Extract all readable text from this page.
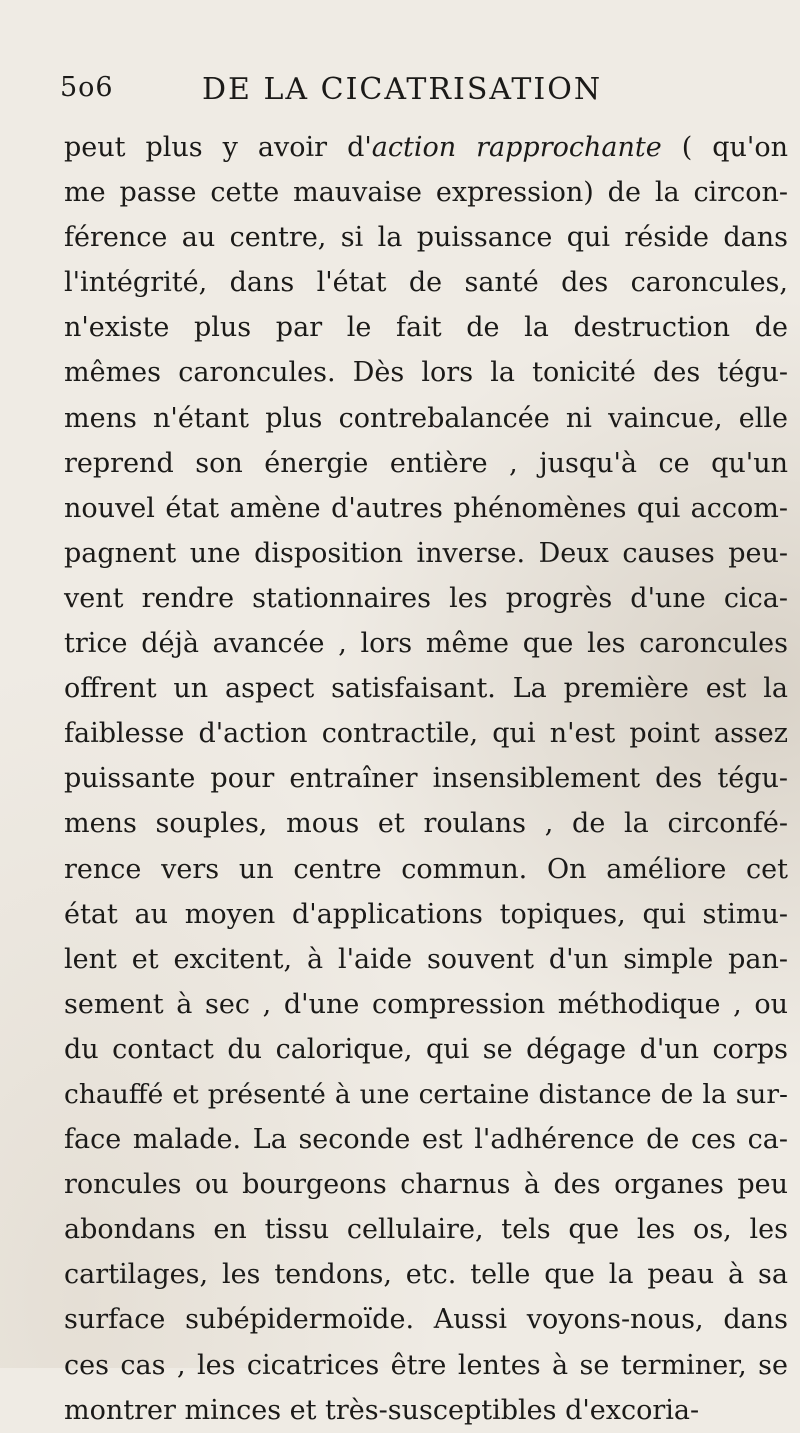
5o6	DE LA CICATRISATION
peut plus y avoir d'action rapprochante ( qu'on
me passe cette mauvaise expression) de la circon-
férence au centre, si la puissance qui réside dans
l'intégrité, dans l'état de santé des caroncules,
n'existe plus par le fait de la destruction de
mêmes caroncules. Dès lors la tonicité des tégu-
mens n'étant plus contrebalancée ni vaincue, elle
reprend son énergie entière , jusqu'à ce qu'un
nouvel état amène d'autres phénomènes qui accom-
pagnent une disposition inverse. Deux causes peu-
vent rendre stationnaires les progrès d'une cica-
trice déjà avancée , lors même que les caroncules
offrent un aspect satisfaisant. La première est la
faiblesse d'action contractile, qui n'est point assez
puissante pour entraîner insensiblement des tégu-
mens souples, mous et roulans , de la circonfé-
rence vers un centre commun. On améliore cet
état au moyen d'applications topiques, qui stimu-
lent et excitent, à l'aide souvent d'un simple pan-
sement à sec , d'une compression méthodique , ou
du contact du calorique, qui se dégage d'un corps
chauffé et présenté à une certaine distance de la sur-
face malade. La seconde est l'adhérence de ces ca-
roncules ou bourgeons charnus à des organes peu
abondans en tissu cellulaire, tels que les os, les
cartilages, les tendons, etc. telle que la peau à sa
surface subépidermoïde. Aussi voyons-nous, dans
ces cas , les cicatrices être lentes à se terminer, se
montrer minces et très-susceptibles d'excoria-
